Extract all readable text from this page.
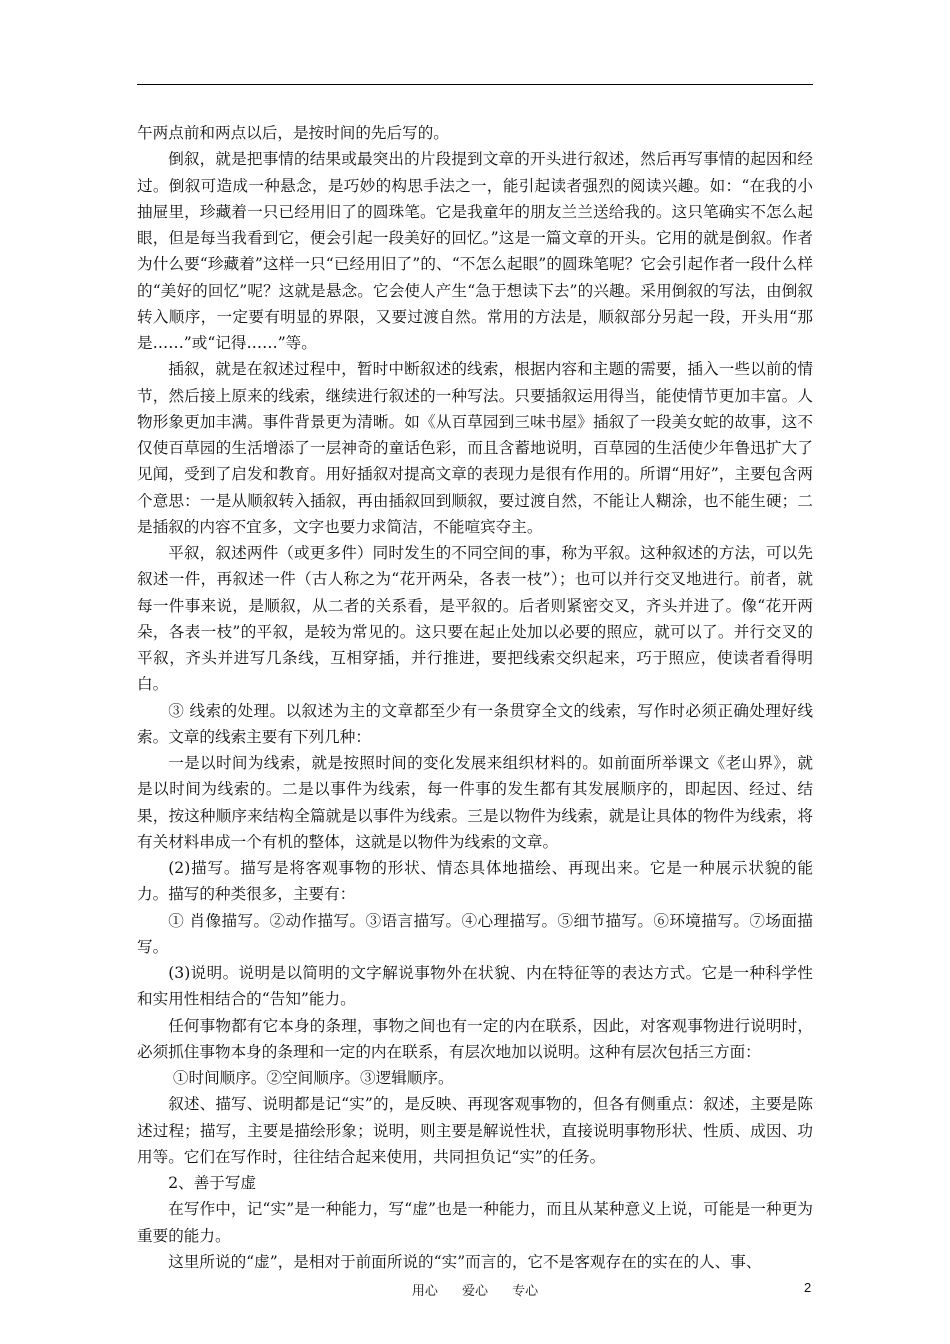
午两点前和两点以后，是按时间的先后写的。

倒叙，就是把事情的结果或最突出的片段提到文章的开头进行叙述，然后再写事情的起因和经过。倒叙可造成一种悬念，是巧妙的构思手法之一，能引起读者强烈的阅读兴趣。如：“在我的小抽屉里，珍藏着一只已经用旧了的圆珠笔。它是我童年的朋友兰兰送给我的。这只笔确实不怎么起眼，但是每当我看到它，便会引起一段美好的回忆。”这是一篇文章的开头。它用的就是倒叙。作者为什么要“珍藏着”这样一只“已经用旧了”的、“不怎么起眼”的圆珠笔呢？它会引起作者一段什么样的“美好的回忆”呢？这就是悬念。它会使人产生“急于想读下去”的兴趣。采用倒叙的写法，由倒叙转入顺序，一定要有明显的界限，又要过渡自然。常用的方法是，顺叙部分另起一段，开头用“那是……”或“记得……”等。

插叙，就是在叙述过程中，暂时中断叙述的线索，根据内容和主题的需要，插入一些以前的情节，然后接上原来的线索，继续进行叙述的一种写法。只要插叙运用得当，能使情节更加丰富。人物形象更加丰满。事件背景更为清晰。如《从百草园到三味书屋》插叙了一段美女蛇的故事，这不仅使百草园的生活增添了一层神奇的童话色彩，而且含蓄地说明，百草园的生活使少年鲁迅扩大了见闻，受到了启发和教育。用好插叙对提高文章的表现力是很有作用的。所谓“用好”，主要包含两个意思：一是从顺叙转入插叙，再由插叙回到顺叙，要过渡自然，不能让人糊涂，也不能生硬；二是插叙的内容不宜多，文字也要力求简洁，不能喧宾夺主。

平叙，叙述两件（或更多件）同时发生的不同空间的事，称为平叙。这种叙述的方法，可以先叙述一件，再叙述一件（古人称之为“花开两朵，各表一枝”）；也可以并行交叉地进行。前者，就每一件事来说，是顺叙，从二者的关系看，是平叙的。后者则紧密交叉，齐头并进了。像“花开两朵，各表一枝”的平叙，是较为常见的。这只要在起止处加以必要的照应，就可以了。并行交叉的平叙，齐头并进写几条线，互相穿插，并行推进，要把线索交织起来，巧于照应，使读者看得明白。

③ 线索的处理。以叙述为主的文章都至少有一条贯穿全文的线索，写作时必须正确处理好线索。文章的线索主要有下列几种：

一是以时间为线索，就是按照时间的变化发展来组织材料的。如前面所举课文《老山界》，就是以时间为线索的。二是以事件为线索，每一件事的发生都有其发展顺序的，即起因、经过、结果，按这种顺序来结构全篇就是以事件为线索。三是以物件为线索，就是让具体的物件为线索，将有关材料串成一个有机的整体，这就是以物件为线索的文章。

(2)描写。描写是将客观事物的形状、情态具体地描绘、再现出来。它是一种展示状貌的能力。描写的种类很多，主要有：

① 肖像描写。②动作描写。③语言描写。④心理描写。⑤细节描写。⑥环境描写。⑦场面描写。

(3)说明。说明是以简明的文字解说事物外在状貌、内在特征等的表达方式。它是一种科学性和实用性相结合的“告知”能力。

任何事物都有它本身的条理，事物之间也有一定的内在联系，因此，对客观事物进行说明时，必须抓住事物本身的条理和一定的内在联系，有层次地加以说明。这种有层次包括三方面：

①时间顺序。②空间顺序。③逻辑顺序。

叙述、描写、说明都是记“实”的，是反映、再现客观事物的，但各有侧重点：叙述，主要是陈述过程；描写，主要是描绘形象；说明，则主要是解说性状，直接说明事物形状、性质、成因、功用等。它们在写作时，往往结合起来使用，共同担负记“实”的任务。

2、善于写虚

在写作中，记“实”是一种能力，写“虚”也是一种能力，而且从某种意义上说，可能是一种更为重要的能力。

这里所说的“虚”，是相对于前面所说的“实”而言的，它不是客观存在的实在的人、事、

用心 爱心 专心	2
